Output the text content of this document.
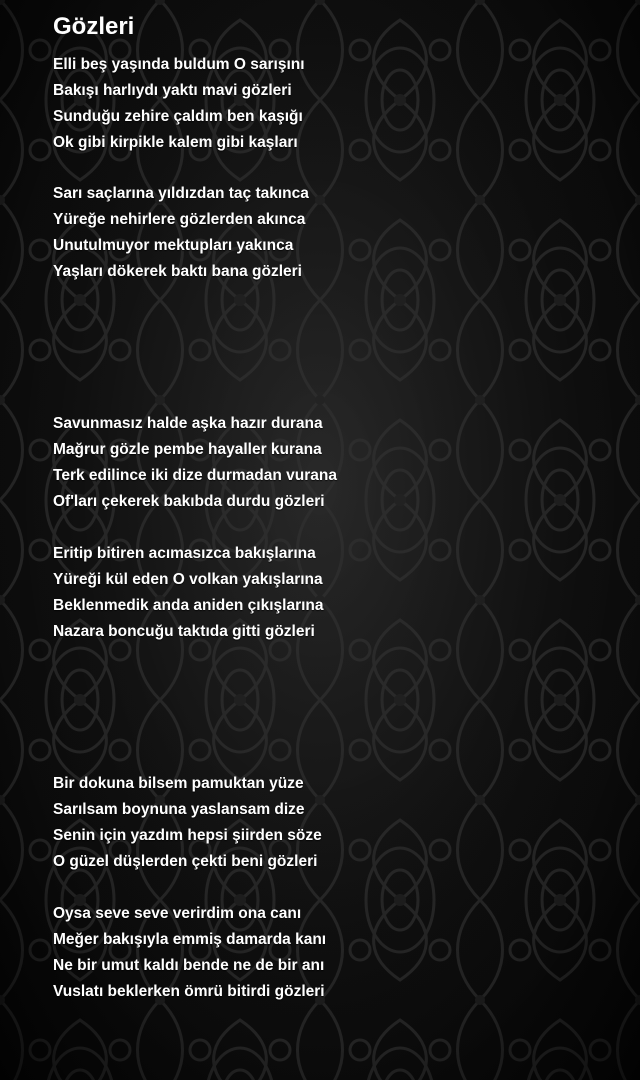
Gözleri
Elli beş yaşında buldum O sarışını
Bakışı harlıydı yaktı mavi gözleri
Sunduğu zehire çaldım ben kaşığı
Ok gibi kirpikle kalem gibi kaşları
Sarı saçlarına yıldızdan taç takınca
Yüreğe nehirlere gözlerden akınca
Unutulmuyor mektupları yakınca
Yaşları dökerek baktı bana gözleri
Savunmasız halde aşka hazır durana
Mağrur gözle pembe hayaller kurana
Terk edilince iki dize durmadan vurana
Of'ları çekerek bakıbda durdu gözleri
Eritip bitiren acımasızca bakışlarına
Yüreği kül eden O volkan yakışlarına
Beklenmedik anda aniden çıkışlarına
Nazara boncuğu taktıda gitti gözleri
Bir dokuna bilsem pamuktan yüze
Sarılsam boynuna yaslansam dize
Senin için yazdım hepsi şiirden söze
O güzel düşlerden çekti beni gözleri
Oysa seve seve verirdim ona canı
Meğer bakışıyla emmiş damarda kanı
Ne bir umut kaldı bende ne de bir anı
Vuslatı beklerken ömrü bitirdi gözleri
